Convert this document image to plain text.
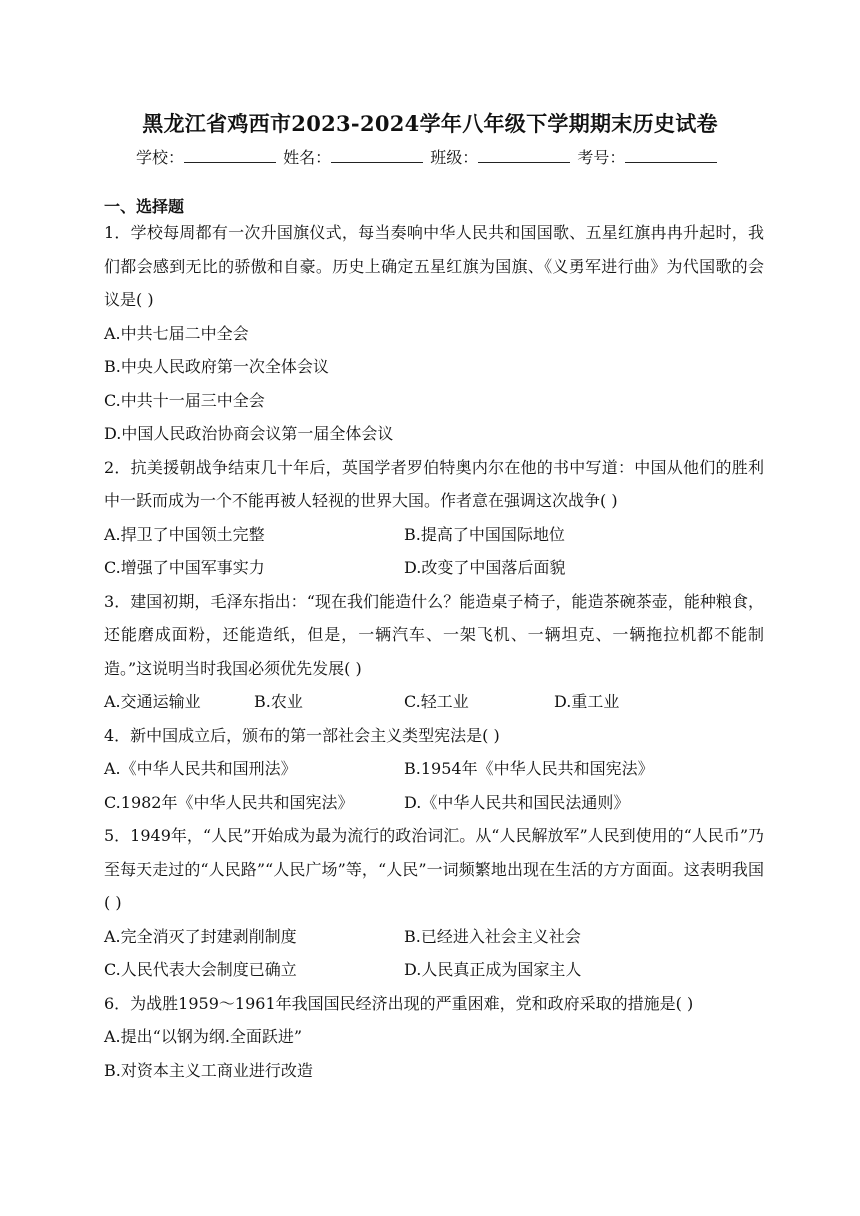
黑龙江省鸡西市2023-2024学年八年级下学期期末历史试卷
学校：	姓名：	班级：	考号：
一、选择题

1．学校每周都有一次升国旗仪式，每当奏响中华人民共和国国歌、五星红旗冉冉升起时，我们都会感到无比的骄傲和自豪。历史上确定五星红旗为国旗、《义勇军进行曲》为代国歌的会议是( )

A.中共七届二中全会

B.中央人民政府第一次全体会议

C.中共十一届三中全会

D.中国人民政治协商会议第一届全体会议

2．抗美援朝战争结束几十年后，英国学者罗伯特奥内尔在他的书中写道：中国从他们的胜利中一跃而成为一个不能再被人轻视的世界大国。作者意在强调这次战争( )

A.捍卫了中国领土完整	B.提高了中国国际地位
C.增强了中国军事实力	D.改变了中国落后面貌

3．建国初期，毛泽东指出：“现在我们能造什么？能造桌子椅子，能造茶碗茶壶，能种粮食，还能磨成面粉，还能造纸，但是，一辆汽车、一架飞机、一辆坦克、一辆拖拉机都不能制造。”这说明当时我国必须优先发展( )

A.交通运输业	B.农业	C.轻工业	D.重工业

4．新中国成立后，颁布的第一部社会主义类型宪法是( )

A.《中华人民共和国刑法》	B.1954年《中华人民共和国宪法》
C.1982年《中华人民共和国宪法》	D.《中华人民共和国民法通则》

5．1949年，“人民”开始成为最为流行的政治词汇。从“人民解放军”人民到使用的“人民币”乃至每天走过的“人民路”“人民广场”等，“人民”一词频繁地出现在生活的方方面面。这表明我国( )

A.完全消灭了封建剥削制度	B.已经进入社会主义社会
C.人民代表大会制度已确立	D.人民真正成为国家主人

6．为战胜1959～1961年我国国民经济出现的严重困难，党和政府采取的措施是( )

A.提出“以钢为纲.全面跃进”

B.对资本主义工商业进行改造
